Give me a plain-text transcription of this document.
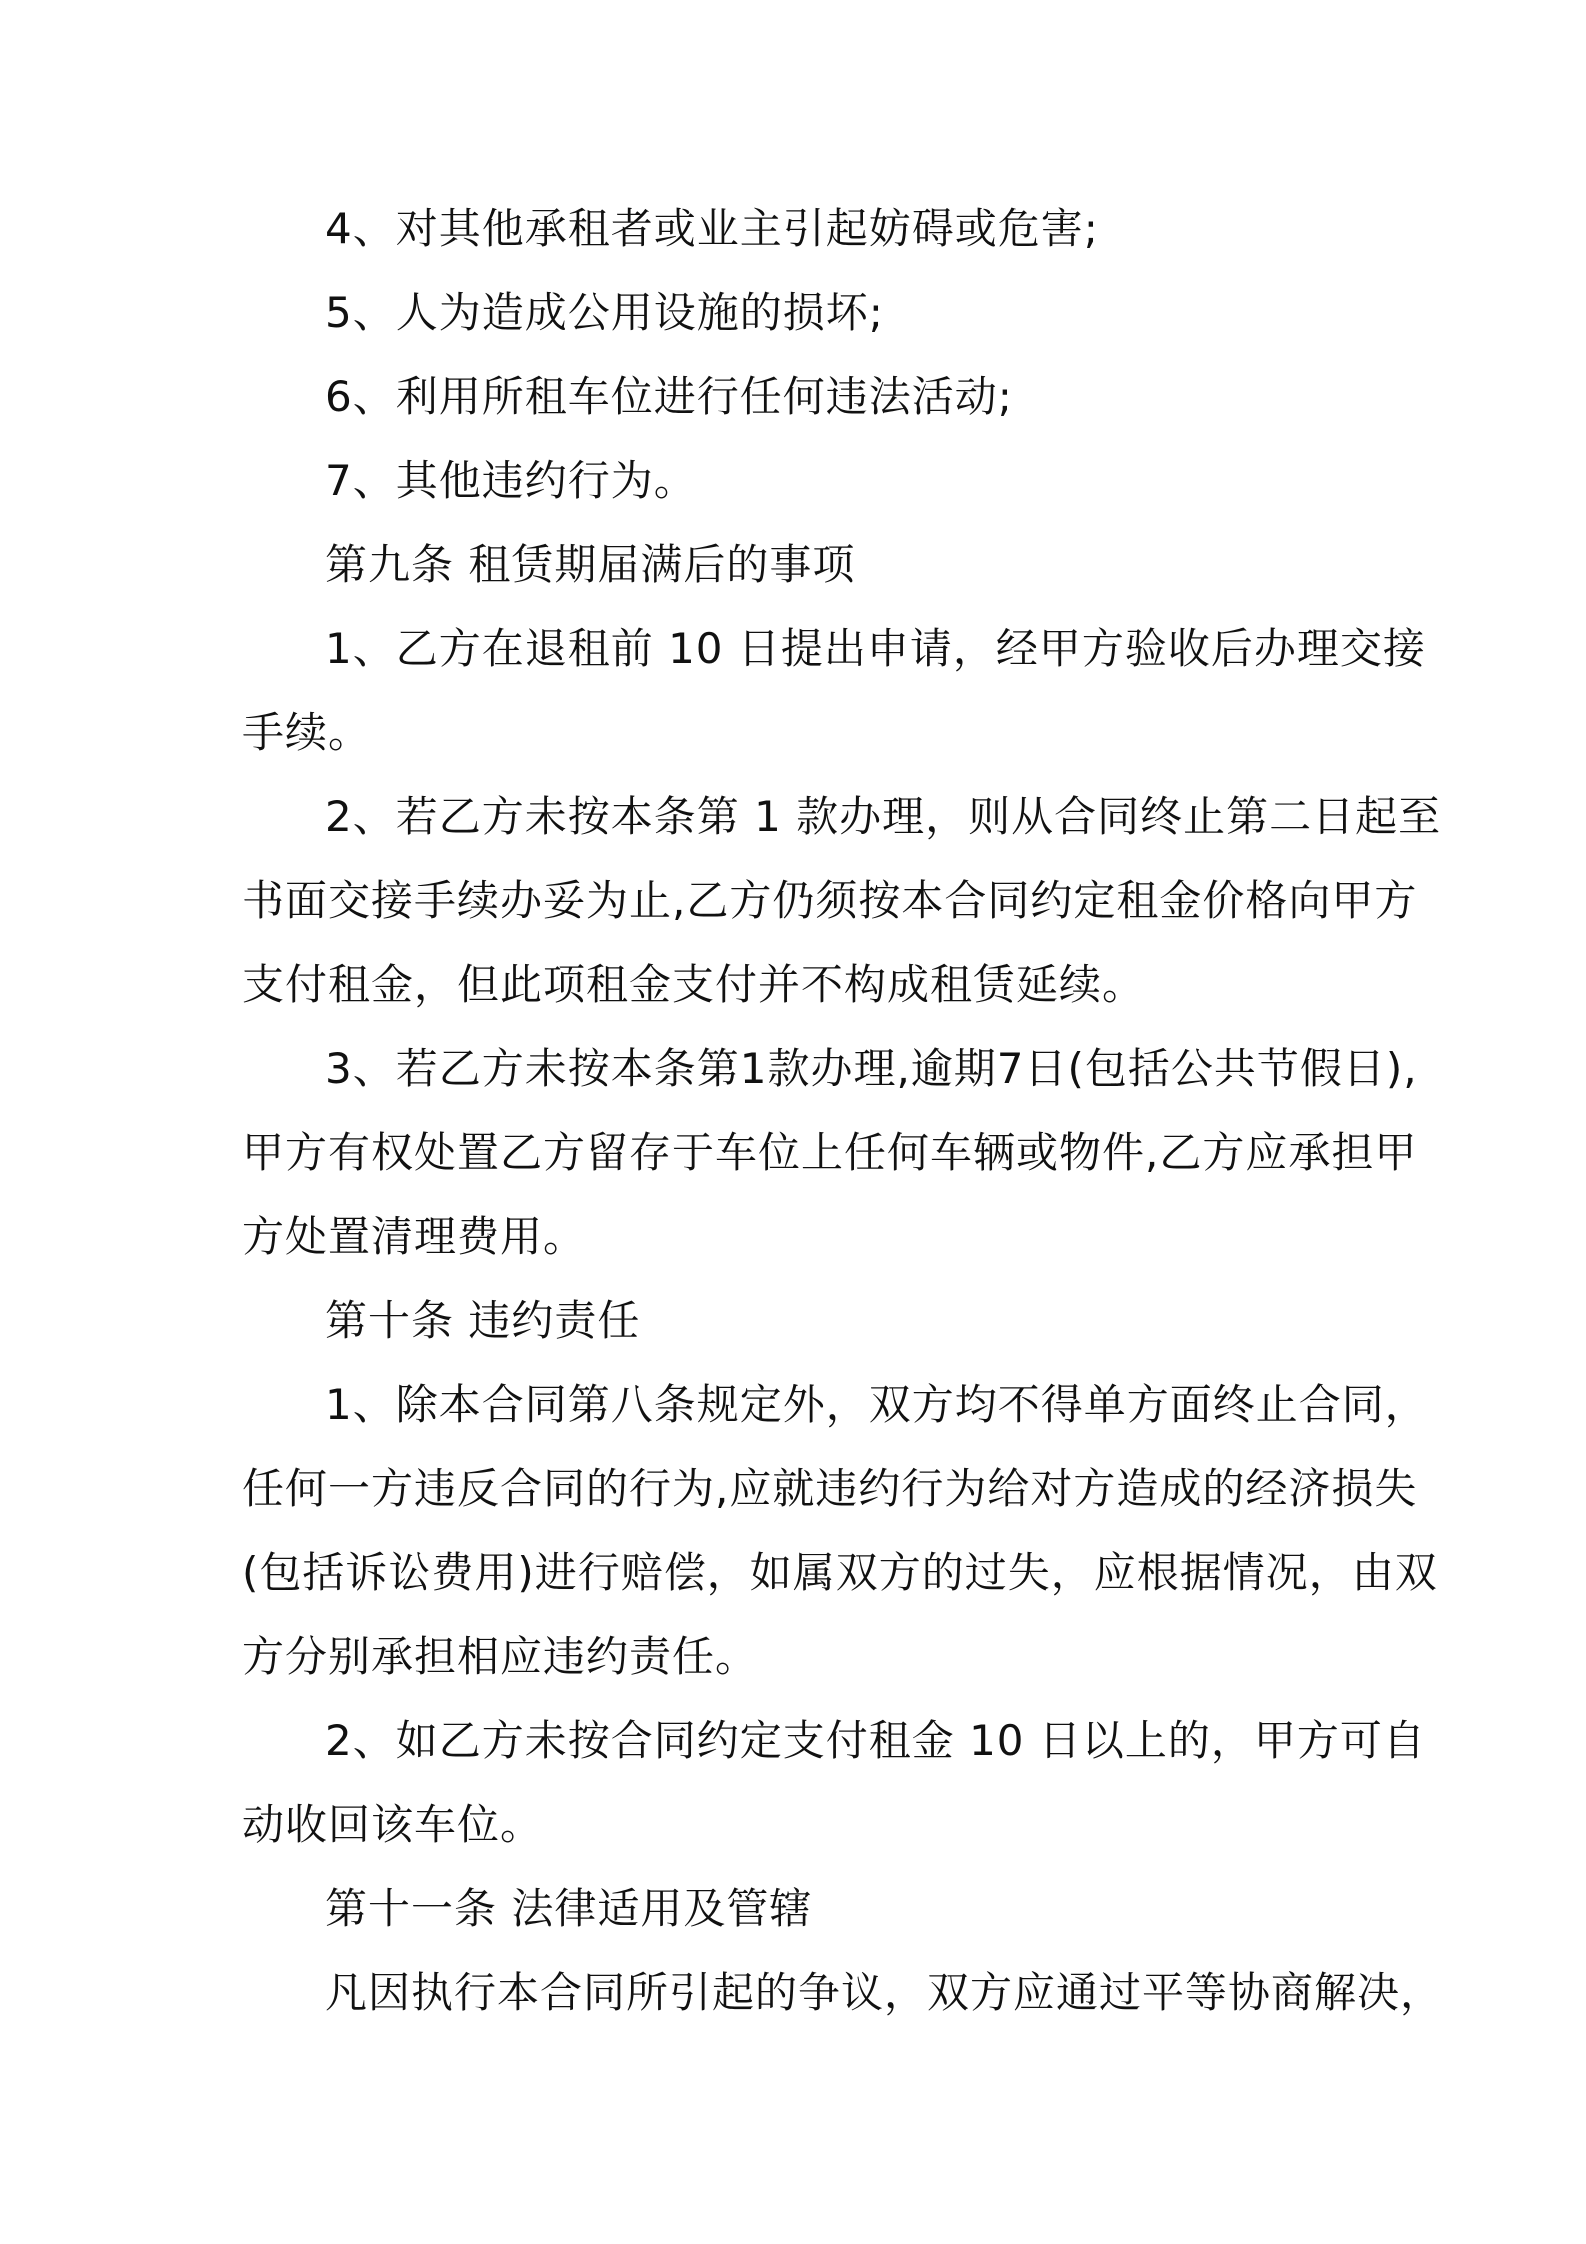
4、对其他承租者或业主引起妨碍或危害;
5、人为造成公用设施的损坏;
6、利用所租车位进行任何违法活动;
7、其他违约行为。
第九条 租赁期届满后的事项
1、乙方在退租前 10 日提出申请，经甲方验收后办理交接
手续。
2、若乙方未按本条第 1 款办理，则从合同终止第二日起至
书面交接手续办妥为止,乙方仍须按本合同约定租金价格向甲方
支付租金，但此项租金支付并不构成租赁延续。
3、若乙方未按本条第1款办理,逾期7日(包括公共节假日),
甲方有权处置乙方留存于车位上任何车辆或物件,乙方应承担甲
方处置清理费用。
第十条 违约责任
1、除本合同第八条规定外，双方均不得单方面终止合同，
任何一方违反合同的行为,应就违约行为给对方造成的经济损失
(包括诉讼费用)进行赔偿，如属双方的过失，应根据情况，由双
方分别承担相应违约责任。
2、如乙方未按合同约定支付租金 10 日以上的，甲方可自
动收回该车位。
第十一条 法律适用及管辖
凡因执行本合同所引起的争议，双方应通过平等协商解决，
